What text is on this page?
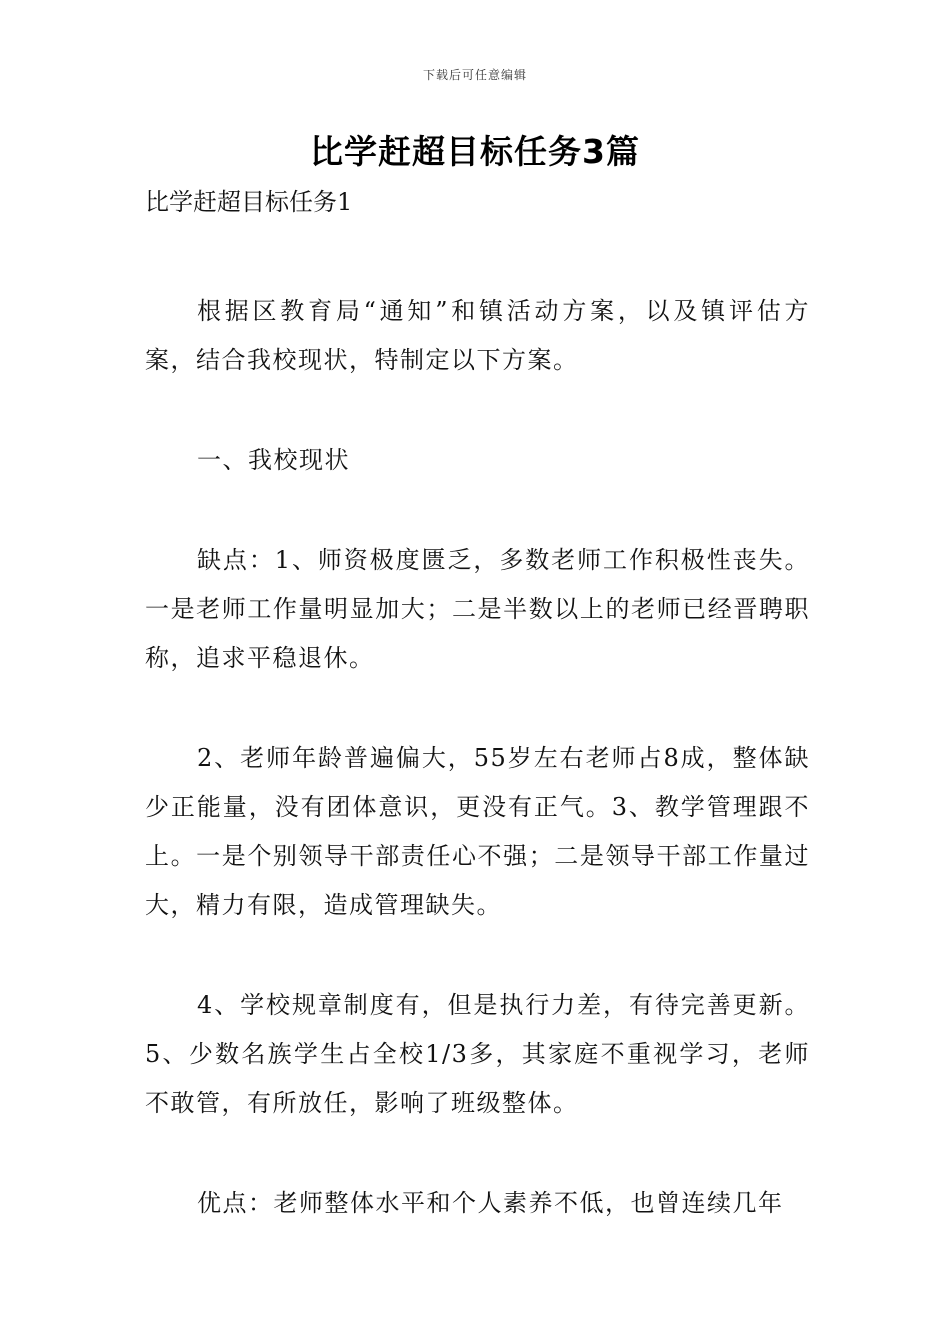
下载后可任意编辑
比学赶超目标任务3篇

比学赶超目标任务1

根据区教育局“通知”和镇活动方案，以及镇评估方案，结合我校现状，特制定以下方案。

一、我校现状

缺点：1、师资极度匮乏，多数老师工作积极性丧失。一是老师工作量明显加大；二是半数以上的老师已经晋聘职称，追求平稳退休。

2、老师年龄普遍偏大，55岁左右老师占8成，整体缺少正能量，没有团体意识，更没有正气。3、教学管理跟不上。一是个别领导干部责任心不强；二是领导干部工作量过大，精力有限，造成管理缺失。

4、学校规章制度有，但是执行力差，有待完善更新。5、少数名族学生占全校1/3多，其家庭不重视学习，老师不敢管，有所放任，影响了班级整体。

优点：老师整体水平和个人素养不低，也曾连续几年
